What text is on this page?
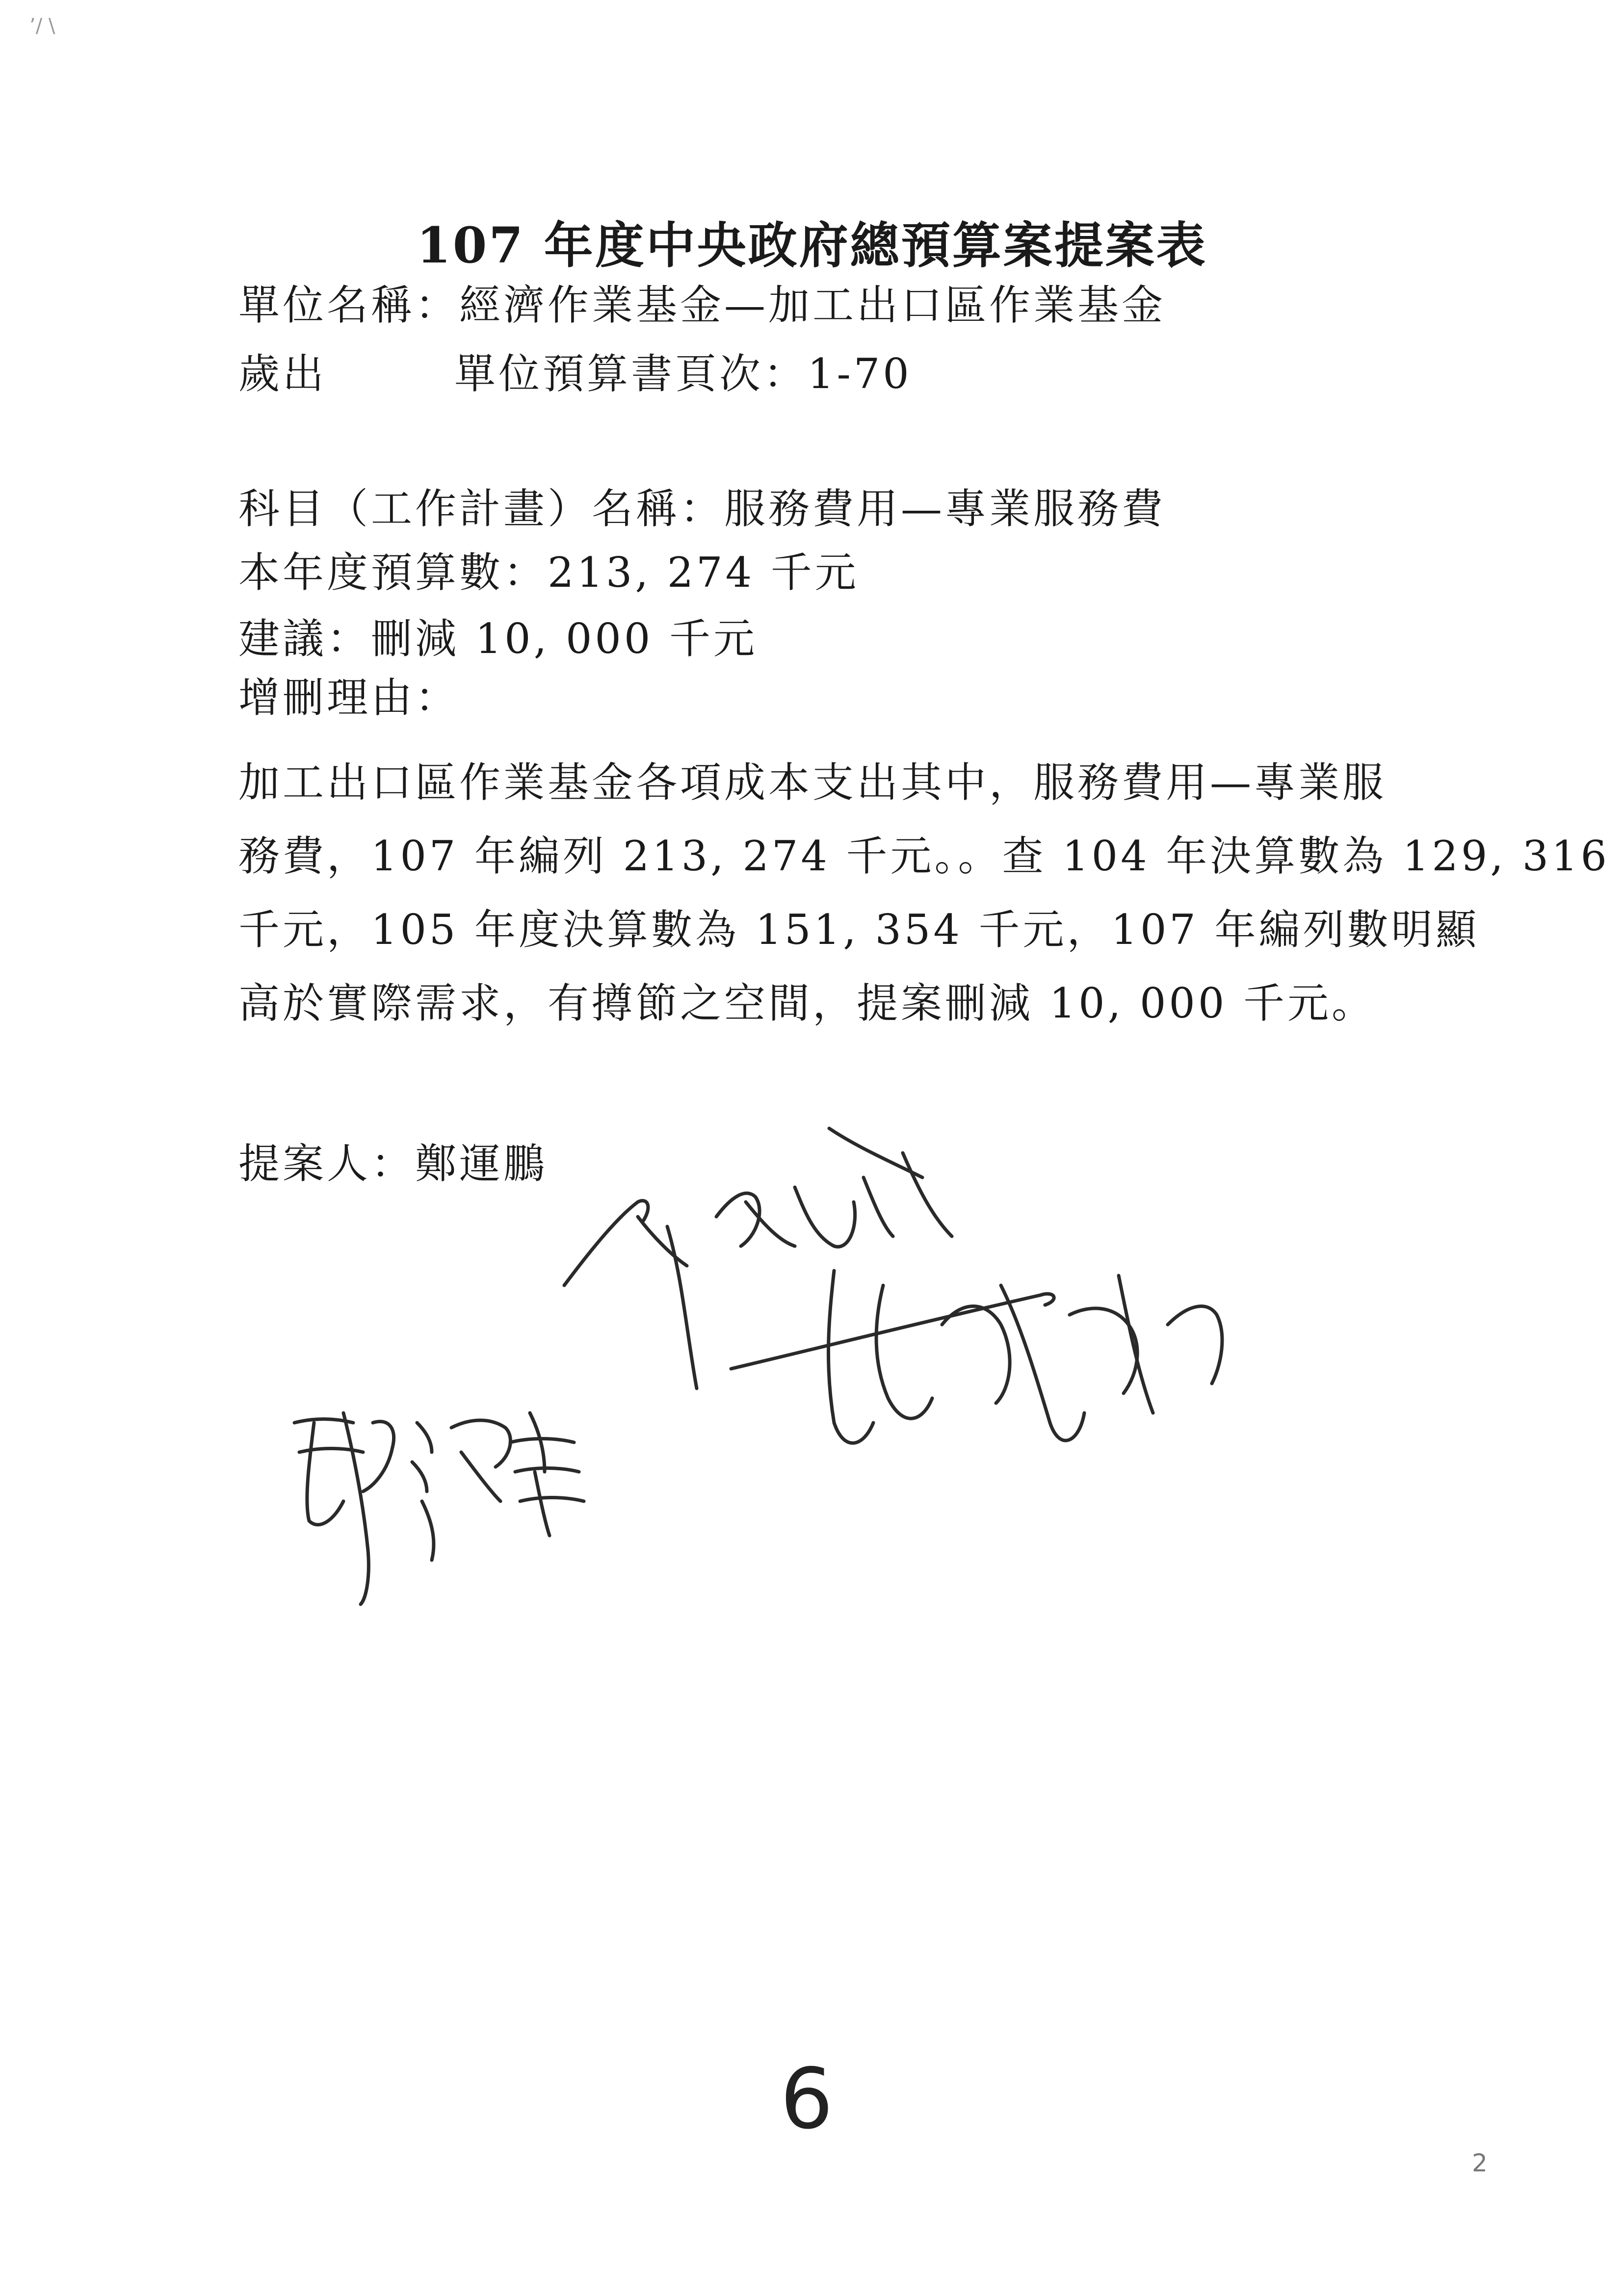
ʼ/ \
107 年度中央政府總預算案提案表
單位名稱：經濟作業基金—加工出口區作業基金
歲出	單位預算書頁次：1-70
科目（工作計畫）名稱：服務費用—專業服務費
本年度預算數：213, 274 千元
建議：刪減 10, 000 千元
增刪理由：
加工出口區作業基金各項成本支出其中，服務費用—專業服
務費，107 年編列 213, 274 千元。。查 104 年決算數為 129, 316
千元，105 年度決算數為 151, 354 千元，107 年編列數明顯
高於實際需求，有撙節之空間，提案刪減 10, 000 千元。
提案人：鄭運鵬
6
2
